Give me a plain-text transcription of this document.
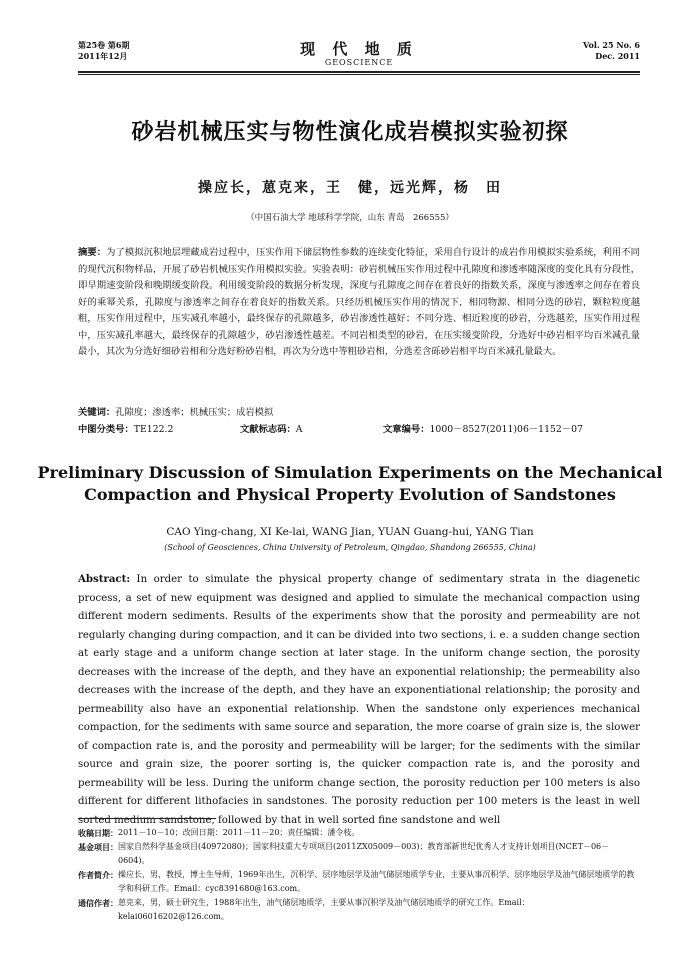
第25卷 第6期
2011年12月	现 代 地 质
GEOSCIENCE
Vol. 25 No. 6
Dec. 2011
砂岩机械压实与物性演化成岩模拟实验初探
操应长，葸克来，王　健，远光辉，杨　田
（中国石油大学 地球科学学院，山东 青岛　266555）
摘要：为了模拟沉积地层埋藏成岩过程中，压实作用下储层物性参数的连续变化特征，采用自行设计的成岩作用模拟实验系统，利用不同的现代沉积物样品，开展了砂岩机械压实作用模拟实验。实验表明：砂岩机械压实作用过程中孔隙度和渗透率随深度的变化具有分段性，即早期速变阶段和晚期缓变阶段。利用缓变阶段的数据分析发现，深度与孔隙度之间存在着良好的指数关系，深度与渗透率之间存在着良好的乘幂关系，孔隙度与渗透率之间存在着良好的指数关系。只经历机械压实作用的情况下，相同物源、相同分选的砂岩，颗粒粒度越粗，压实作用过程中，压实减孔率越小，最终保存的孔隙越多，砂岩渗透性越好；不同分选、相近粒度的砂岩，分选越差，压实作用过程中，压实减孔率越大，最终保存的孔隙越少，砂岩渗透性越差。不同岩相类型的砂岩，在压实缓变阶段，分选好中砂岩相平均百米减孔量最小，其次为分选好细砂岩相和分选好粉砂岩相，再次为分选中等粗砂岩相，分选差含砾砂岩相平均百米减孔量最大。
关键词：孔隙度；渗透率；机械压实；成岩模拟
中图分类号：TE122.2	文献标志码：A	文章编号：1000－8527(2011)06－1152－07
Preliminary Discussion of Simulation Experiments on the Mechanical
Compaction and Physical Property Evolution of Sandstones
CAO Ying-chang, XI Ke-lai, WANG Jian, YUAN Guang-hui, YANG Tian
(School of Geosciences, China University of Petroleum, Qingdao, Shandong 266555, China)
Abstract: In order to simulate the physical property change of sedimentary strata in the diagenetic process, a set of new equipment was designed and applied to simulate the mechanical compaction using different modern sediments. Results of the experiments show that the porosity and permeability are not regularly changing during compaction, and it can be divided into two sections, i. e. a sudden change section at early stage and a uniform change section at later stage. In the uniform change section, the porosity decreases with the increase of the depth, and they have an exponential relationship; the permeability also decreases with the increase of the depth, and they have an exponentiational relationship; the porosity and permeability also have an exponential relationship. When the sandstone only experiences mechanical compaction, for the sediments with same source and separation, the more coarse of grain size is, the slower of compaction rate is, and the porosity and permeability will be larger; for the sediments with the similar source and grain size, the poorer sorting is, the quicker compaction rate is, and the porosity and permeability will be less. During the uniform change section, the porosity reduction per 100 meters is also different for different lithofacies in sandstones. The porosity reduction per 100 meters is the least in well sorted medium sandstone, followed by that in well sorted fine sandstone and well
收稿日期： 2011－10－10；改回日期：2011－11－20；责任编辑：潘令枝。
基金项目： 国家自然科学基金项目(40972080)；国家科技重大专项项目(2011ZX05009－003)；教育部新世纪优秀人才支持计划项目(NCET－06－0604)。
作者简介： 操应长，男，教授，博士生导师，1969年出生，沉积学、层序地层学及油气储层地质学专业，主要从事沉积学、层序地层学及油气储层地质学的教学和科研工作。Email：cyc8391680@163.com。
通信作者： 葸克来，男，硕士研究生，1988年出生，油气储层地质学，主要从事沉积学及油气储层地质学的研究工作。Email：kelai06016202@126.com。
